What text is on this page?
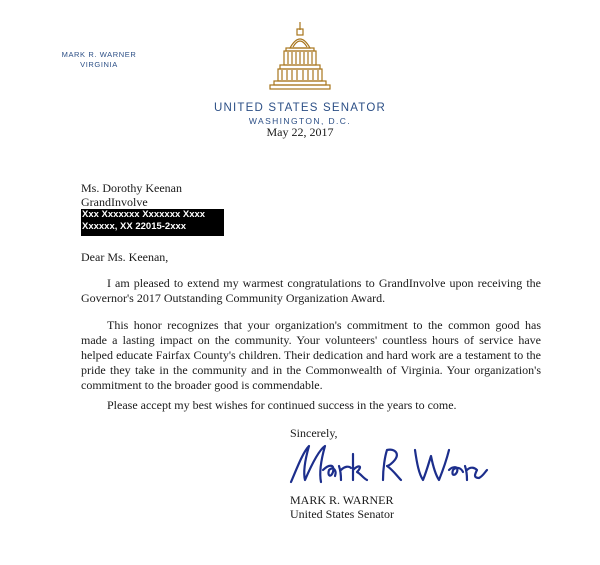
MARK R. WARNER
VIRGINIA
UNITED STATES SENATOR
WASHINGTON, D.C.
May 22, 2017
Ms. Dorothy Keenan
GrandInvolve
Xxx Xxxxxxx Xxxxxxx Xxxx
Xxxxxx, XX 22015-2xxx
Dear Ms. Keenan,

I am pleased to extend my warmest congratulations to GrandInvolve upon receiving the Governor's 2017 Outstanding Community Organization Award.

This honor recognizes that your organization's commitment to the common good has made a lasting impact on the community. Your volunteers' countless hours of service have helped educate Fairfax County's children. Their dedication and hard work are a testament to the pride they take in the community and in the Commonwealth of Virginia. Your organization's commitment to the broader good is commendable.

Please accept my best wishes for continued success in the years to come.

Sincerely,
MARK R. WARNER
United States Senator
